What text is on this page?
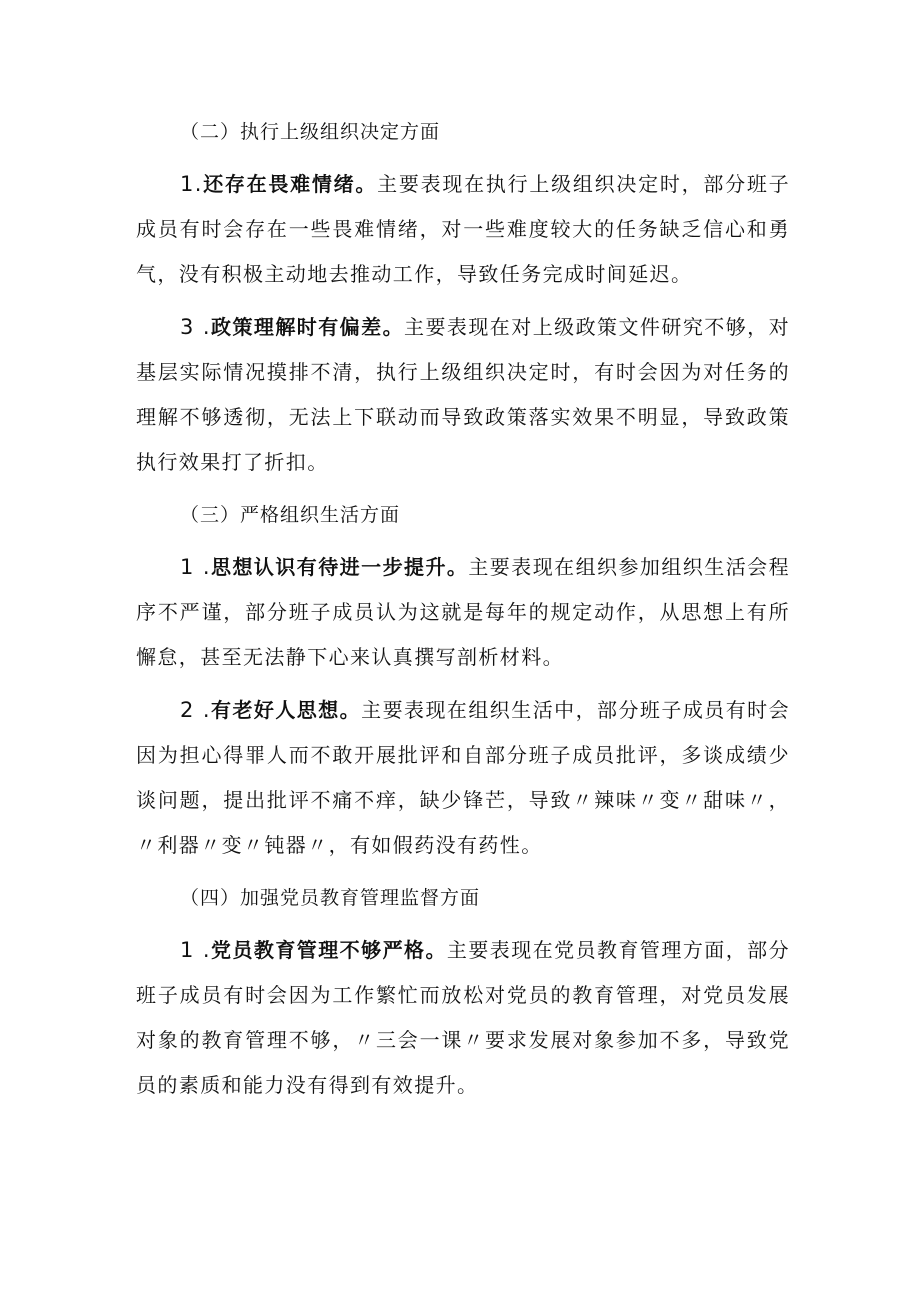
（二）执行上级组织决定方面

1.还存在畏难情绪。主要表现在执行上级组织决定时，部分班子成员有时会存在一些畏难情绪，对一些难度较大的任务缺乏信心和勇气，没有积极主动地去推动工作，导致任务完成时间延迟。

3 .政策理解时有偏差。主要表现在对上级政策文件研究不够，对基层实际情况摸排不清，执行上级组织决定时，有时会因为对任务的理解不够透彻，无法上下联动而导致政策落实效果不明显，导致政策执行效果打了折扣。

（三）严格组织生活方面

1 .思想认识有待进一步提升。主要表现在组织参加组织生活会程序不严谨，部分班子成员认为这就是每年的规定动作，从思想上有所懈怠，甚至无法静下心来认真撰写剖析材料。

2 .有老好人思想。主要表现在组织生活中，部分班子成员有时会因为担心得罪人而不敢开展批评和自部分班子成员批评，多谈成绩少谈问题，提出批评不痛不痒，缺少锋芒，导致〃辣味〃变〃甜味〃，〃利器〃变〃钝器〃，有如假药没有药性。

（四）加强党员教育管理监督方面

1 .党员教育管理不够严格。主要表现在党员教育管理方面，部分班子成员有时会因为工作繁忙而放松对党员的教育管理，对党员发展对象的教育管理不够，〃三会一课〃要求发展对象参加不多，导致党员的素质和能力没有得到有效提升。
